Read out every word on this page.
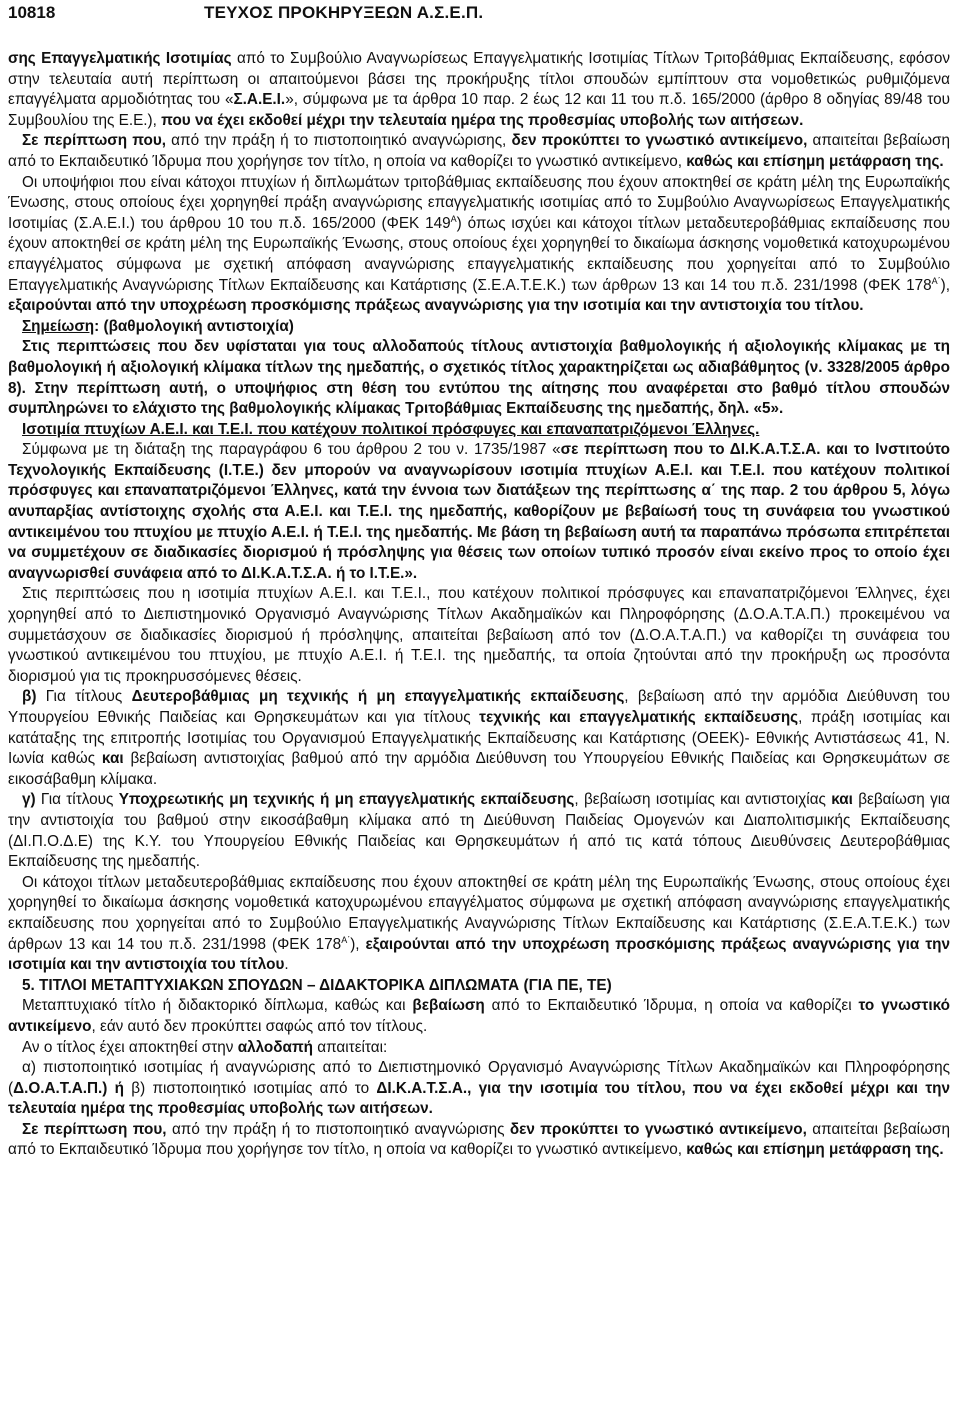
10818	ΤΕΥΧΟΣ ΠΡΟΚΗΡΥΞΕΩΝ Α.Σ.Ε.Π.

σης Επαγγελματικής Ισοτιμίας από το Συμβούλιο Αναγνωρίσεως Επαγγελματικής Ισοτιμίας Τίτλων Τριτοβάθμιας Εκπαίδευσης, εφόσον στην τελευταία αυτή περίπτωση οι απαιτούμενοι βάσει της προκήρυξης τίτλοι σπουδών εμπίπτουν στα νομοθετικώς ρυθμιζόμενα επαγγέλματα αρμοδιότητας του «Σ.Α.Ε.Ι.», σύμφωνα με τα άρθρα 10 παρ. 2 έως 12 και 11 του π.δ. 165/2000 (άρθρο 8 οδηγίας 89/48 του Συμβουλίου της Ε.Ε.), που να έχει εκδοθεί μέχρι την τελευταία ημέρα της προθεσμίας υποβολής των αιτήσεων.

Σε περίπτωση που, από την πράξη ή το πιστοποιητικό αναγνώρισης, δεν προκύπτει το γνωστικό αντικείμενο, απαιτείται βεβαίωση από το Εκπαιδευτικό Ίδρυμα που χορήγησε τον τίτλο, η οποία να καθορίζει το γνωστικό αντικείμενο, καθώς και επίσημη μετάφραση της.

Οι υποψήφιοι που είναι κάτοχοι πτυχίων ή διπλωμάτων τριτοβάθμιας εκπαίδευσης που έχουν αποκτηθεί σε κράτη μέλη της Ευρωπαϊκής Ένωσης, στους οποίους έχει χορηγηθεί πράξη αναγνώρισης επαγγελματικής ισοτιμίας από το Συμβούλιο Αναγνωρίσεως Επαγγελματικής Ισοτιμίας (Σ.Α.Ε.Ι.) του άρθρου 10 του π.δ. 165/2000 (ΦΕΚ $149^A$) όπως ισχύει και κάτοχοι τίτλων μεταδευτεροβάθμιας εκπαίδευσης που έχουν αποκτηθεί σε κράτη μέλη της Ευρωπαϊκής Ένωσης, στους οποίους έχει χορηγηθεί το δικαίωμα άσκησης νομοθετικά κατοχυρωμένου επαγγέλματος σύμφωνα με σχετική απόφαση αναγνώρισης επαγγελματικής εκπαίδευσης που χορηγείται από το Συμβούλιο Επαγγελματικής Αναγνώρισης Τίτλων Εκπαίδευσης και Κατάρτισης (Σ.Ε.Α.Τ.Ε.Κ.) των άρθρων 13 και 14 του π.δ. 231/1998 (ΦΕΚ $178^{A΄}$), εξαιρούνται από την υποχρέωση προσκόμισης πράξεως αναγνώρισης για την ισοτιμία και την αντιστοιχία του τίτλου.

Σημείωση: (βαθμολογική αντιστοιχία)

Στις περιπτώσεις που δεν υφίσταται για τους αλλοδαπούς τίτλους αντιστοιχία βαθμολογικής ή αξιολογικής κλίμακας με τη βαθμολογική ή αξιολογική κλίμακα τίτλων της ημεδαπής, ο σχετικός τίτλος χαρακτηρίζεται ως αδιαβάθμητος (ν. 3328/2005 άρθρο 8). Στην περίπτωση αυτή, ο υποψήφιος στη θέση του εντύπου της αίτησης που αναφέρεται στο βαθμό τίτλου σπουδών συμπληρώνει το ελάχιστο της βαθμολογικής κλίμακας Τριτοβάθμιας Εκπαίδευσης της ημεδαπής, δηλ. «5».

Ισοτιμία πτυχίων Α.Ε.Ι. και Τ.Ε.Ι. που κατέχουν πολιτικοί πρόσφυγες και επαναπατριζόμενοι Έλληνες.

Σύμφωνα με τη διάταξη της παραγράφου 6 του άρθρου 2 του ν. 1735/1987 «σε περίπτωση που το ΔΙ.Κ.Α.Τ.Σ.Α. και το Ινστιτούτο Τεχνολογικής Εκπαίδευσης (Ι.Τ.Ε.) δεν μπορούν να αναγνωρίσουν ισοτιμία πτυχίων Α.Ε.Ι. και Τ.Ε.Ι. που κατέχουν πολιτικοί πρόσφυγες και επαναπατριζόμενοι Έλληνες, κατά την έννοια των διατάξεων της περίπτωσης α΄ της παρ. 2 του άρθρου 5, λόγω ανυπαρξίας αντίστοιχης σχολής στα Α.Ε.Ι. και Τ.Ε.Ι. της ημεδαπής, καθορίζουν με βεβαίωσή τους τη συνάφεια του γνωστικού αντικειμένου του πτυχίου με πτυχίο Α.Ε.Ι. ή Τ.Ε.Ι. της ημεδαπής. Με βάση τη βεβαίωση αυτή τα παραπάνω πρόσωπα επιτρέπεται να συμμετέχουν σε διαδικασίες διορισμού ή πρόσληψης για θέσεις των οποίων τυπικό προσόν είναι εκείνο προς το οποίο έχει αναγνωρισθεί συνάφεια από το ΔΙ.Κ.Α.Τ.Σ.Α. ή το Ι.Τ.Ε.».

Στις περιπτώσεις που η ισοτιμία πτυχίων Α.Ε.Ι. και Τ.Ε.Ι., που κατέχουν πολιτικοί πρόσφυγες και επαναπατριζόμενοι Έλληνες, έχει χορηγηθεί από το Διεπιστημονικό Οργανισμό Αναγνώρισης Τίτλων Ακαδημαϊκών και Πληροφόρησης (Δ.Ο.Α.Τ.Α.Π.) προκειμένου να συμμετάσχουν σε διαδικασίες διορισμού ή πρόσληψης, απαιτείται βεβαίωση από τον (Δ.Ο.Α.Τ.Α.Π.) να καθορίζει τη συνάφεια του γνωστικού αντικειμένου του πτυχίου, με πτυχίο Α.Ε.Ι. ή Τ.Ε.Ι. της ημεδαπής, τα οποία ζητούνται από την προκήρυξη ως προσόντα διορισμού για τις προκηρυσσόμενες θέσεις.

β) Για τίτλους Δευτεροβάθμιας μη τεχνικής ή μη επαγγελματικής εκπαίδευσης, βεβαίωση από την αρμόδια Διεύθυνση του Υπουργείου Εθνικής Παιδείας και Θρησκευμάτων και για τίτλους τεχνικής και επαγγελματικής εκπαίδευσης, πράξη ισοτιμίας και κατάταξης της επιτροπής Ισοτιμίας του Οργανισμού Επαγγελματικής Εκπαίδευσης και Κατάρτισης (ΟΕΕΚ)- Εθνικής Αντιστάσεως 41, Ν. Ιωνία καθώς και βεβαίωση αντιστοιχίας βαθμού από την αρμόδια Διεύθυνση του Υπουργείου Εθνικής Παιδείας και Θρησκευμάτων σε εικοσάβαθμη κλίμακα.

γ) Για τίτλους Υποχρεωτικής μη τεχνικής ή μη επαγγελματικής εκπαίδευσης, βεβαίωση ισοτιμίας και αντιστοιχίας και βεβαίωση για την αντιστοιχία του βαθμού στην εικοσάβαθμη κλίμακα από τη Διεύθυνση Παιδείας Ομογενών και Διαπολιτισμικής Εκπαίδευσης (ΔΙ.Π.Ο.Δ.Ε) της Κ.Υ. του Υπουργείου Εθνικής Παιδείας και Θρησκευμάτων ή από τις κατά τόπους Διευθύνσεις Δευτεροβάθμιας Εκπαίδευσης της ημεδαπής.

Οι κάτοχοι τίτλων μεταδευτεροβάθμιας εκπαίδευσης που έχουν αποκτηθεί σε κράτη μέλη της Ευρωπαϊκής Ένωσης, στους οποίους έχει χορηγηθεί το δικαίωμα άσκησης νομοθετικά κατοχυρωμένου επαγγέλματος σύμφωνα με σχετική απόφαση αναγνώρισης επαγγελματικής εκπαίδευσης που χορηγείται από το Συμβούλιο Επαγγελματικής Αναγνώρισης Τίτλων Εκπαίδευσης και Κατάρτισης (Σ.Ε.Α.Τ.Ε.Κ.) των άρθρων 13 και 14 του π.δ. 231/1998 (ΦΕΚ $178^{A΄}$), εξαιρούνται από την υποχρέωση προσκόμισης πράξεως αναγνώρισης για την ισοτιμία και την αντιστοιχία του τίτλου.

5. ΤΙΤΛΟΙ ΜΕΤΑΠΤΥΧΙΑΚΩΝ ΣΠΟΥΔΩΝ – ΔΙΔΑΚΤΟΡΙΚΑ ΔΙΠΛΩΜΑΤΑ (ΓΙΑ ΠΕ, ΤΕ)

Μεταπτυχιακό τίτλο ή διδακτορικό δίπλωμα, καθώς και βεβαίωση από το Εκπαιδευτικό Ίδρυμα, η οποία να καθορίζει το γνωστικό αντικείμενο, εάν αυτό δεν προκύπτει σαφώς από τον τίτλους.

Αν ο τίτλος έχει αποκτηθεί στην αλλοδαπή απαιτείται:

α) πιστοποιητικό ισοτιμίας ή αναγνώρισης από το Διεπιστημονικό Οργανισμό Αναγνώρισης Τίτλων Ακαδημαϊκών και Πληροφόρησης (Δ.Ο.Α.Τ.Α.Π.) ή β) πιστοποιητικό ισοτιμίας από το ΔΙ.Κ.Α.Τ.Σ.Α., για την ισοτιμία του τίτλου, που να έχει εκδοθεί μέχρι και την τελευταία ημέρα της προθεσμίας υποβολής των αιτήσεων.

Σε περίπτωση που, από την πράξη ή το πιστοποιητικό αναγνώρισης δεν προκύπτει το γνωστικό αντικείμενο, απαιτείται βεβαίωση από το Εκπαιδευτικό Ίδρυμα που χορήγησε τον τίτλο, η οποία να καθορίζει το γνωστικό αντικείμενο, καθώς και επίσημη μετάφραση της.
